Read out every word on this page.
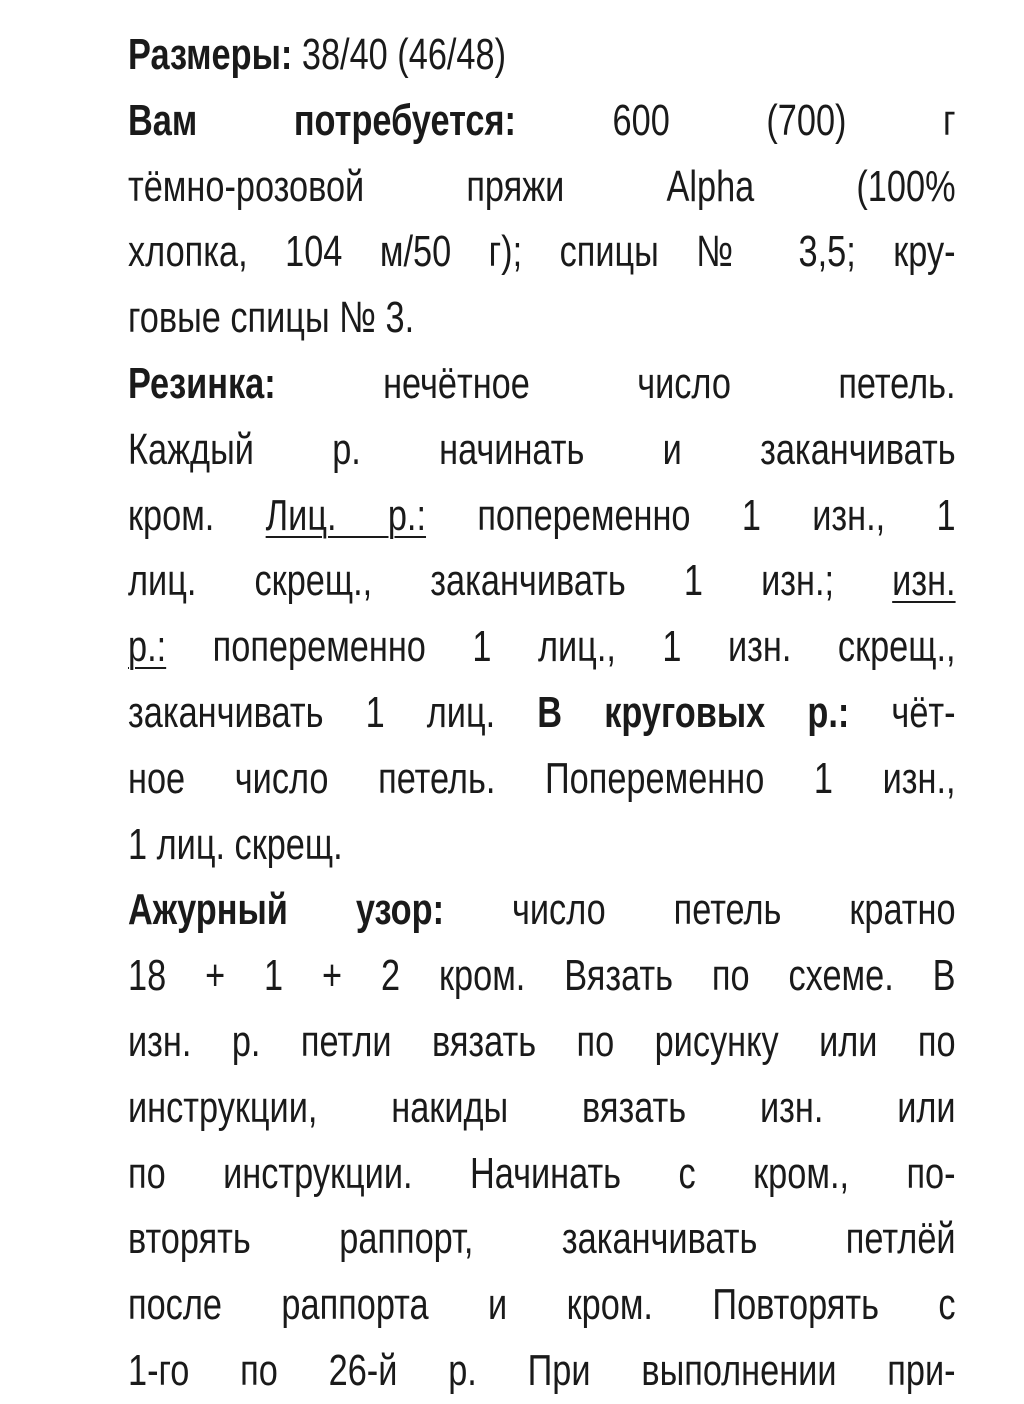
Размеры: 38/40 (46/48)
Вам потребуется: 600 (700) г
тёмно-розовой пряжи Alpha (100%
хлопка, 104 м/50 г); спицы № 3,5; кру-
говые спицы № 3.
Резинка: нечётное число петель.
Каждый р. начинать и заканчивать
кром. Лиц. р.: попеременно 1 изн., 1
лиц. скрещ., заканчивать 1 изн.; изн.
р.: попеременно 1 лиц., 1 изн. скрещ.,
заканчивать 1 лиц. В круговых р.: чёт-
ное число петель. Попеременно 1 изн.,
1 лиц. скрещ.
Ажурный узор: число петель кратно
18 + 1 + 2 кром. Вязать по схеме. В
изн. р. петли вязать по рисунку или по
инструкции, накиды вязать изн. или
по инструкции. Начинать с кром., по-
вторять раппорт, заканчивать петлёй
после раппорта и кром. Повторять с
1-го по 26-й р. При выполнении при-
